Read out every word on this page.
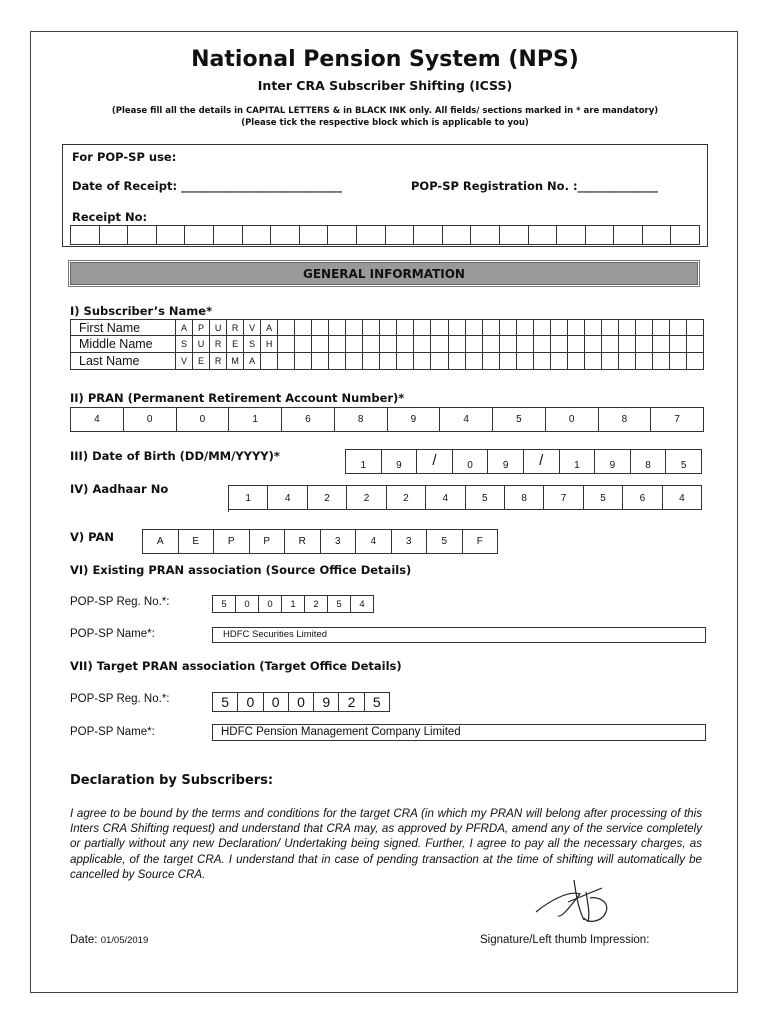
National Pension System (NPS)
Inter CRA Subscriber Shifting (ICSS)
(Please fill all the details in CAPITAL LETTERS & in BLACK INK only. All fields/ sections marked in * are mandatory)
(Please tick the respective block which is applicable to you)
For POP-SP use:
Date of Receipt: ____________________________	POP-SP Registration No. :______________
Receipt No:
GENERAL INFORMATION
I) Subscriber’s Name*
First Name	A	P	U	R	V	A
Middle Name	S	U	R	E	S	H
Last Name	V	E	R	M	A
II) PRAN (Permanent Retirement Account Number)*
4	0	0	1	6	8	9	4	5	0	8	7
III) Date of Birth (DD/MM/YYYY)*
1	9	/	0	9	/	1	9	8	5
IV) Aadhaar No
1	4	2	2	2	4	5	8	7	5	6	4
V) PAN	A	E	P	P	R	3	4	3	5	F
VI) Existing PRAN association (Source Office Details)
POP-SP Reg. No.*:	5	0	0	1	2	5	4
POP-SP Name*:	HDFC Securities Limited
VII) Target PRAN association (Target Office Details)
POP-SP Reg. No.*:	5	0	0	0	9	2	5
POP-SP Name*:	HDFC Pension Management Company Limited
Declaration by Subscribers:
I agree to be bound by the terms and conditions for the target CRA (in which my PRAN will belong after processing of this Inters CRA Shifting request) and understand that CRA may, as approved by PFRDA, amend any of the service completely or partially without any new Declaration/ Undertaking being signed. Further, I agree to pay all the necessary charges, as applicable, of the target CRA. I understand that in case of pending transaction at the time of shifting will automatically be cancelled by Source CRA.
Date: 01/05/2019	Signature/Left thumb Impression:
